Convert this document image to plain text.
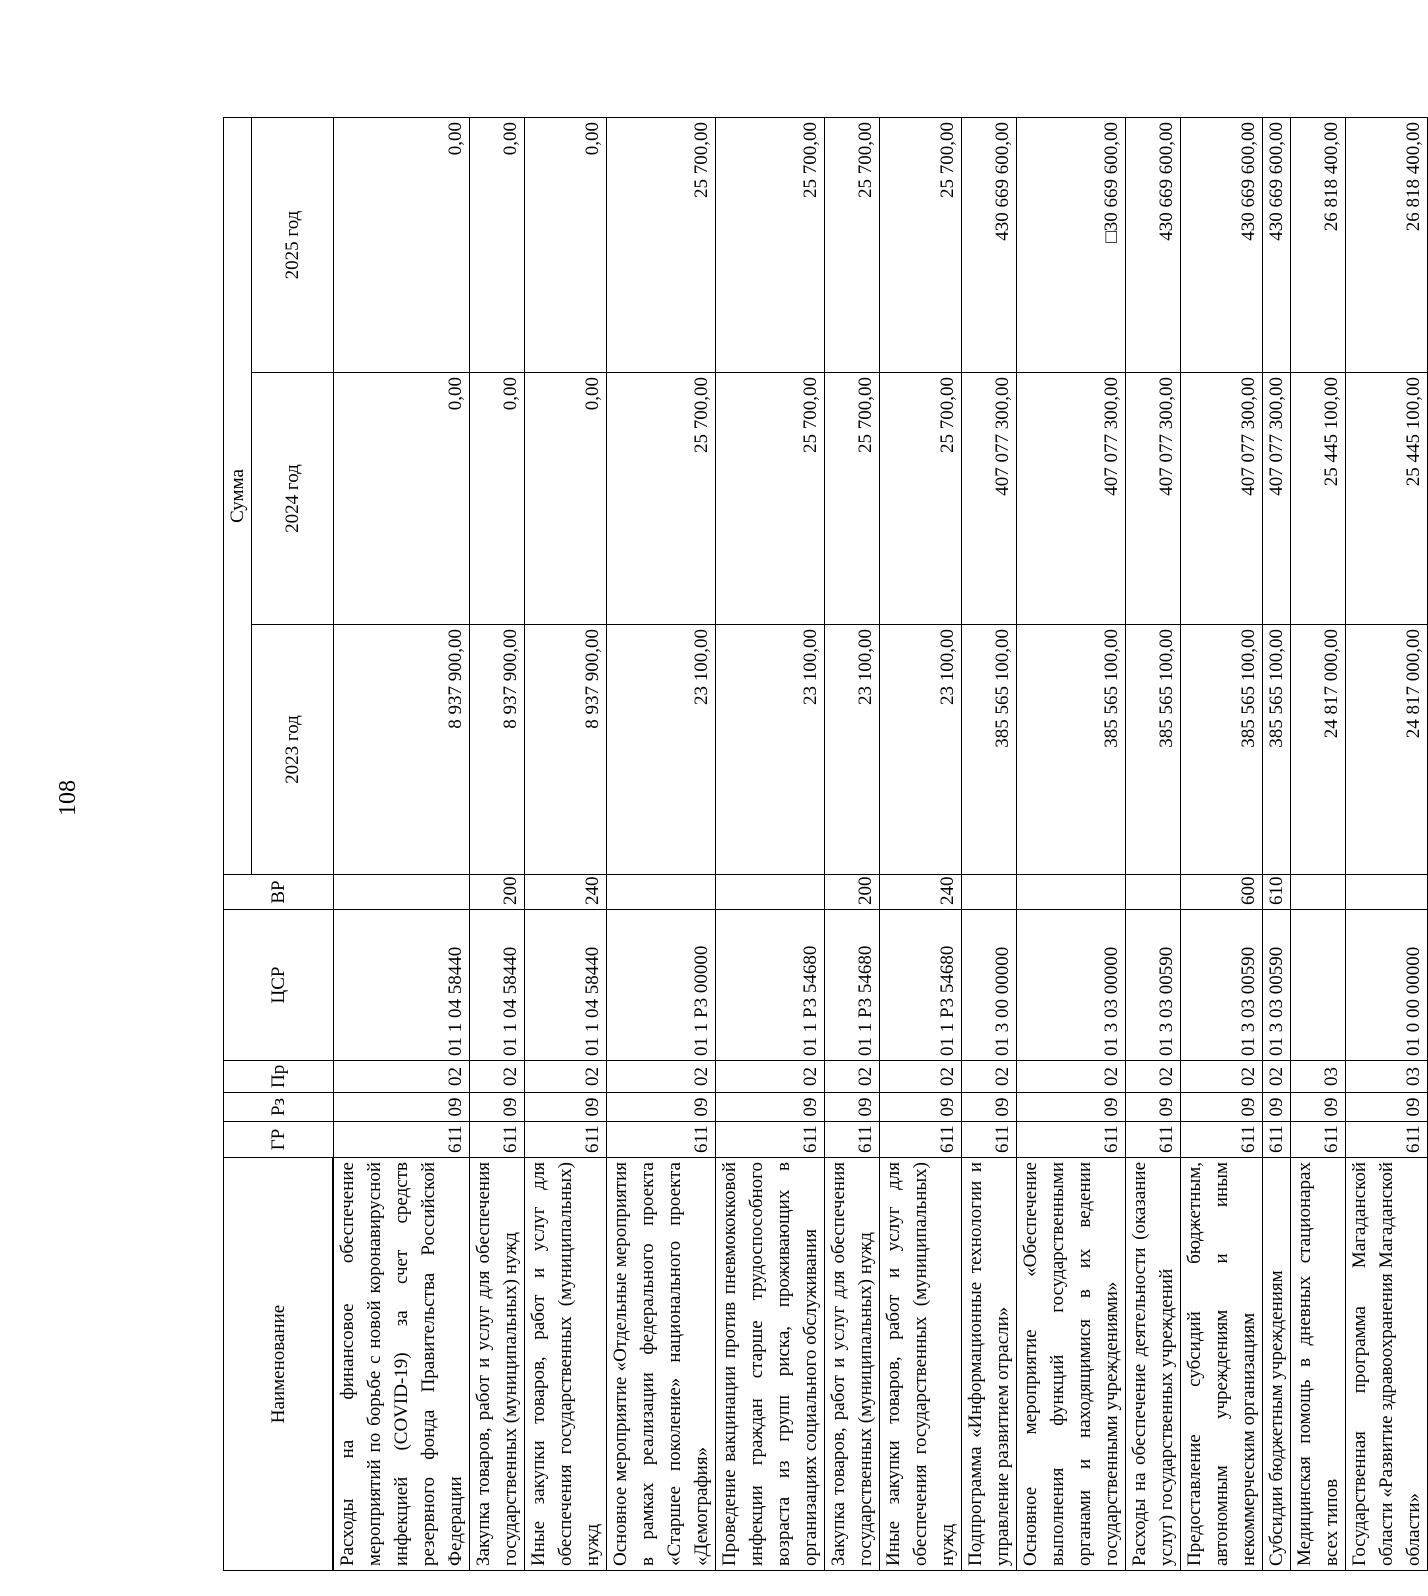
108
Наименование	ГР	Рз	Пр	ЦСР	ВР	Сумма		
						2023 год	2024 год	2025 год

Расходы на финансовое обеспечение мероприятий по борьбе с новой коронавирусной инфекцией (COVID-19) за счет средств резервного фонда Правительства Российской Федерации	611	09	02	01 1 04 58440		8 937 900,00	0,00	0,00
Закупка товаров, работ и услуг для обеспечения государственных (муниципальных) нужд	611	09	02	01 1 04 58440	200	8 937 900,00	0,00	0,00
Иные закупки товаров, работ и услуг для обеспечения государственных (муниципальных) нужд	611	09	02	01 1 04 58440	240	8 937 900,00	0,00	0,00
Основное мероприятие «Отдельные мероприятия в рамках реализации федерального проекта «Старшее поколение» национального проекта «Демография»	611	09	02	01 1 P3 00000		23 100,00	25 700,00	25 700,00
Проведение вакцинации против пневмококковой инфекции граждан старше трудоспособного возраста из групп риска, проживающих в организациях социального обслуживания	611	09	02	01 1 P3 54680		23 100,00	25 700,00	25 700,00
Закупка товаров, работ и услуг для обеспечения государственных (муниципальных) нужд	611	09	02	01 1 P3 54680	200	23 100,00	25 700,00	25 700,00
Иные закупки товаров, работ и услуг для обеспечения государственных (муниципальных) нужд	611	09	02	01 1 P3 54680	240	23 100,00	25 700,00	25 700,00
Подпрограмма «Информационные технологии и управление развитием отрасли»	611	09	02	01 3 00 00000		385 565 100,00	407 077 300,00	430 669 600,00
Основное мероприятие «Обеспечение выполнения функций государственными органами и находящимися в их ведении государственными учреждениями»	611	09	02	01 3 03 00000		385 565 100,00	407 077 300,00	□30 669 600,00
Расходы на обеспечение деятельности (оказание услуг) государственных учреждений	611	09	02	01 3 03 00590		385 565 100,00	407 077 300,00	430 669 600,00
Предоставление субсидий бюджетным, автономным учреждениям и иным некоммерческим организациям	611	09	02	01 3 03 00590	600	385 565 100,00	407 077 300,00	430 669 600,00
Субсидии бюджетным учреждениям	611	09	02	01 3 03 00590	610	385 565 100,00	407 077 300,00	430 669 600,00
Медицинская помощь в дневных стационарах всех типов	611	09	03			24 817 000,00	25 445 100,00	26 818 400,00
Государственная программа Магаданской области «Развитие здравоохранения Магаданской области»	611	09	03	01 0 00 00000		24 817 000,00	25 445 100,00	26 818 400,00
